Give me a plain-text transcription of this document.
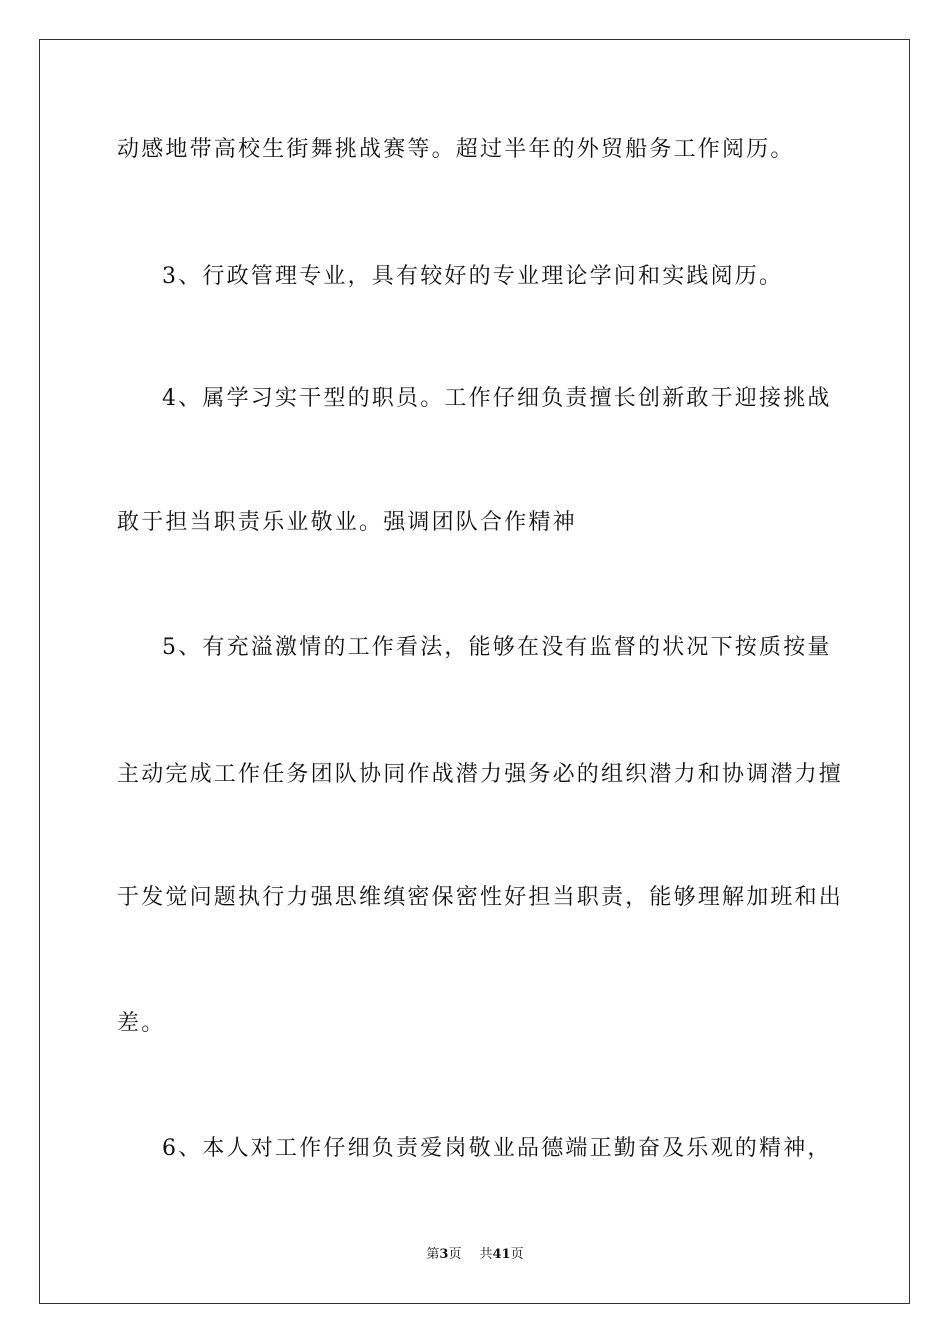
动感地带高校生街舞挑战赛等。超过半年的外贸船务工作阅历。
3、行政管理专业，具有较好的专业理论学问和实践阅历。
4、属学习实干型的职员。工作仔细负责擅长创新敢于迎接挑战
敢于担当职责乐业敬业。强调团队合作精神
5、有充溢激情的工作看法，能够在没有监督的状况下按质按量
主动完成工作任务团队协同作战潜力强务必的组织潜力和协调潜力擅
于发觉问题执行力强思维缜密保密性好担当职责，能够理解加班和出
差。
6、本人对工作仔细负责爱岗敬业品德端正勤奋及乐观的精神，
第3页 共41页
